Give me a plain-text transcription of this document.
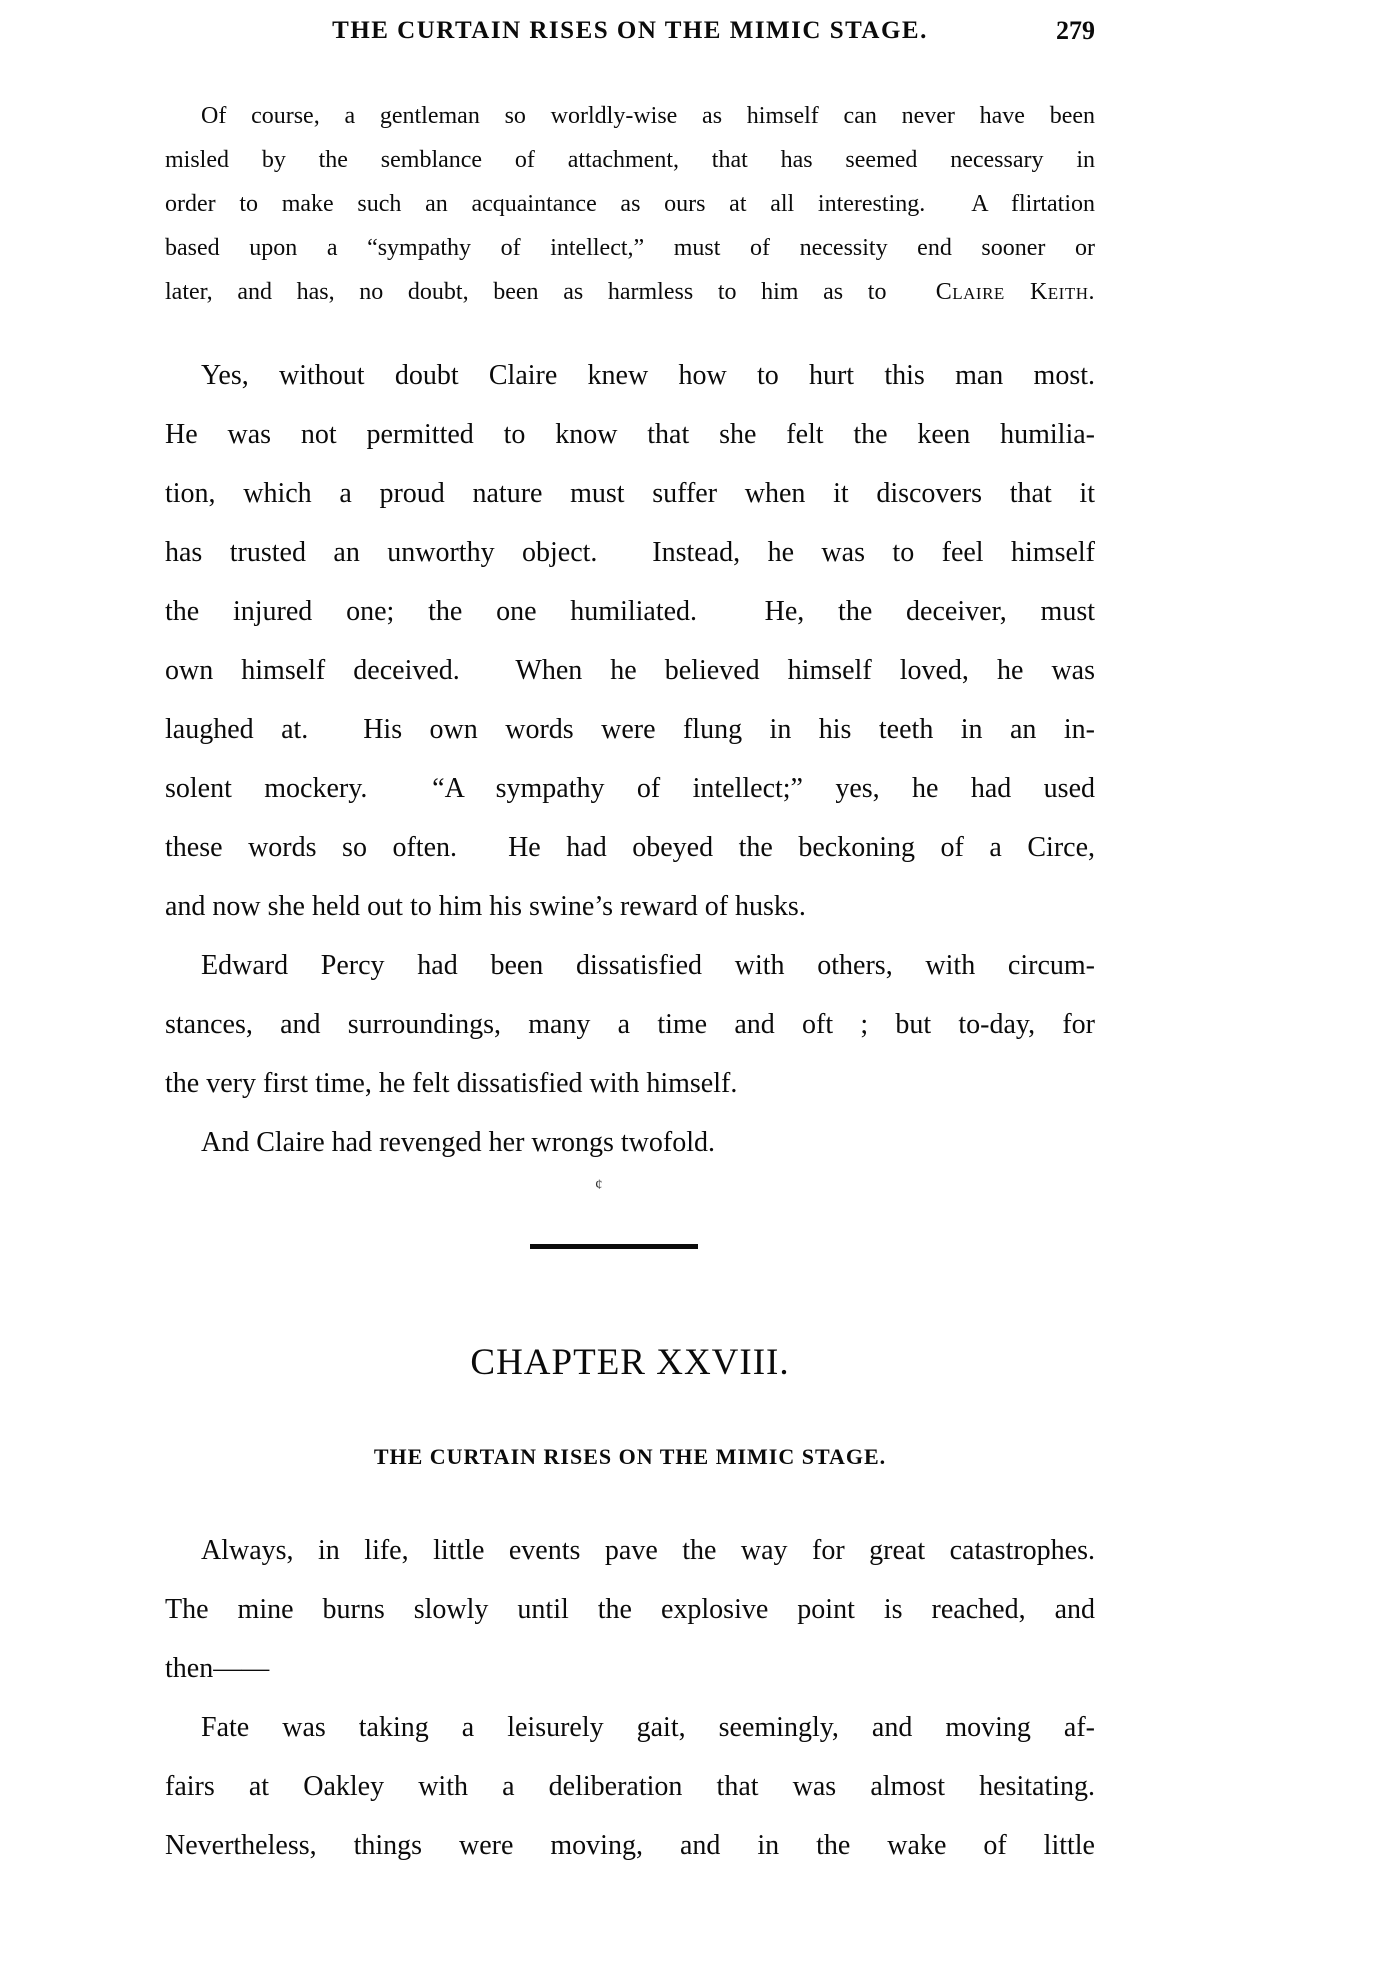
THE CURTAIN RISES ON THE MIMIC STAGE.	279
Of course, a gentleman so worldly-wise as himself can never have been
misled by the semblance of attachment, that has seemed necessary in
order to make such an acquaintance as ours at all interesting.  A flirtation
based upon a “sympathy of intellect,” must of necessity end sooner or
later, and has, no doubt, been as harmless to him as to  Claire Keith.
Yes, without doubt Claire knew how to hurt this man most.
He was not permitted to know that she felt the keen humilia-
tion, which a proud nature must suffer when it discovers that it
has trusted an unworthy object.  Instead, he was to feel himself
the injured one; the one humiliated.  He, the deceiver, must
own himself deceived.  When he believed himself loved, he was
laughed at.  His own words were flung in his teeth in an in-
solent mockery.  “A sympathy of intellect;” yes, he had used
these words so often.  He had obeyed the beckoning of a Circe,
and now she held out to him his swine’s reward of husks.
Edward Percy had been dissatisfied with others, with circum-
stances, and surroundings, many a time and oft ; but to-day, for
the very first time, he felt dissatisfied with himself.
And Claire had revenged her wrongs twofold.
¢
CHAPTER XXVIII.
THE CURTAIN RISES ON THE MIMIC STAGE.
Always, in life, little events pave the way for great catastrophes.
The mine burns slowly until the explosive point is reached, and
then——
Fate was taking a leisurely gait, seemingly, and moving af-
fairs at Oakley with a deliberation that was almost hesitating.
Nevertheless, things were moving, and in the wake of little
